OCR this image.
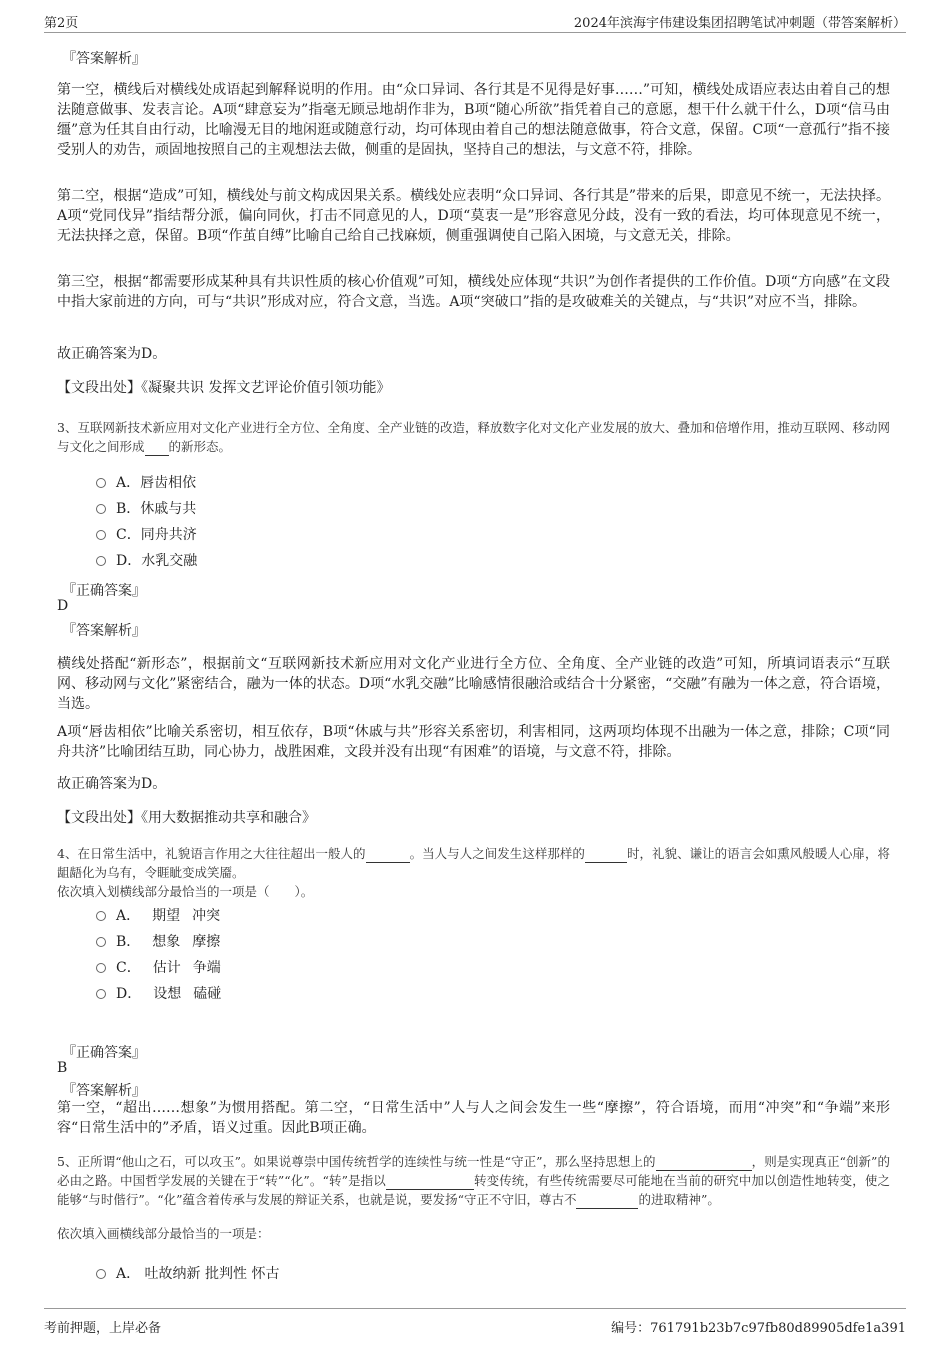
第2页	2024年滨海宇伟建设集团招聘笔试冲刺题（带答案解析）
『答案解析』
第一空，横线后对横线处成语起到解释说明的作用。由“众口异词、各行其是不见得是好事……”可知，横线处成语应表达由着自己的想法随意做事、发表言论。A项“肆意妄为”指毫无顾忌地胡作非为，B项“随心所欲”指凭着自己的意愿，想干什么就干什么，D项“信马由缰”意为任其自由行动，比喻漫无目的地闲逛或随意行动，均可体现由着自己的想法随意做事，符合文意，保留。C项“一意孤行”指不接受别人的劝告，顽固地按照自己的主观想法去做，侧重的是固执，坚持自己的想法，与文意不符，排除。
第二空，根据“造成”可知，横线处与前文构成因果关系。横线处应表明“众口异词、各行其是”带来的后果，即意见不统一，无法抉择。A项“党同伐异”指结帮分派，偏向同伙，打击不同意见的人，D项“莫衷一是”形容意见分歧，没有一致的看法，均可体现意见不统一，无法抉择之意，保留。B项“作茧自缚”比喻自己给自己找麻烦，侧重强调使自己陷入困境，与文意无关，排除。
第三空，根据“都需要形成某种具有共识性质的核心价值观”可知，横线处应体现“共识”为创作者提供的工作价值。D项“方向感”在文段中指大家前进的方向，可与“共识”形成对应，符合文意，当选。A项“突破口”指的是攻破难关的关键点，与“共识”对应不当，排除。
故正确答案为D。
【文段出处】《凝聚共识 发挥文艺评论价值引领功能》
3、互联网新技术新应用对文化产业进行全方位、全角度、全产业链的改造，释放数字化对文化产业发展的放大、叠加和倍增作用，推动互联网、移动网与文化之间形成 的新形态。
A．唇齿相依
B．休戚与共
C．同舟共济
D．水乳交融
『正确答案』
D
『答案解析』
横线处搭配“新形态”，根据前文“互联网新技术新应用对文化产业进行全方位、全角度、全产业链的改造”可知，所填词语表示“互联网、移动网与文化”紧密结合，融为一体的状态。D项“水乳交融”比喻感情很融洽或结合十分紧密，“交融”有融为一体之意，符合语境，当选。
A项“唇齿相依”比喻关系密切，相互依存，B项“休戚与共”形容关系密切，利害相同，这两项均体现不出融为一体之意，排除；C项“同舟共济”比喻团结互助，同心协力，战胜困难，文段并没有出现“有困难”的语境，与文意不符，排除。
故正确答案为D。
【文段出处】《用大数据推动共享和融合》
4、在日常生活中，礼貌语言作用之大往往超出一般人的	。当人与人之间发生这样那样的	时，礼貌、谦让的语言会如熏风般暖人心扉，将龃龉化为乌有，令睚眦变成笑靥。
依次填入划横线部分最恰当的一项是（　　）。
A． 期望 冲突
B． 想象 摩擦
C． 估计 争端
D． 设想 磕碰
『正确答案』
B
『答案解析』
第一空，“超出……想象”为惯用搭配。第二空，“日常生活中”人与人之间会发生一些“摩擦”，符合语境，而用“冲突”和“争端”来形容“日常生活中的”矛盾，语义过重。因此B项正确。
5、正所谓“他山之石，可以攻玉”。如果说尊崇中国传统哲学的连续性与统一性是“守正”，那么坚持思想上的	，则是实现真正“创新”的必由之路。中国哲学发展的关键在于“转”“化”。“转”是指以	转变传统，有些传统需要尽可能地在当前的研究中加以创造性地转变，使之能够“与时偕行”。“化”蕴含着传承与发展的辩证关系，也就是说，要发扬“守正不守旧，尊古不	的进取精神”。
依次填入画横线部分最恰当的一项是：
A． 吐故纳新 批判性 怀古
考前押题，上岸必备	编号：761791b23b7c97fb80d89905dfe1a391
